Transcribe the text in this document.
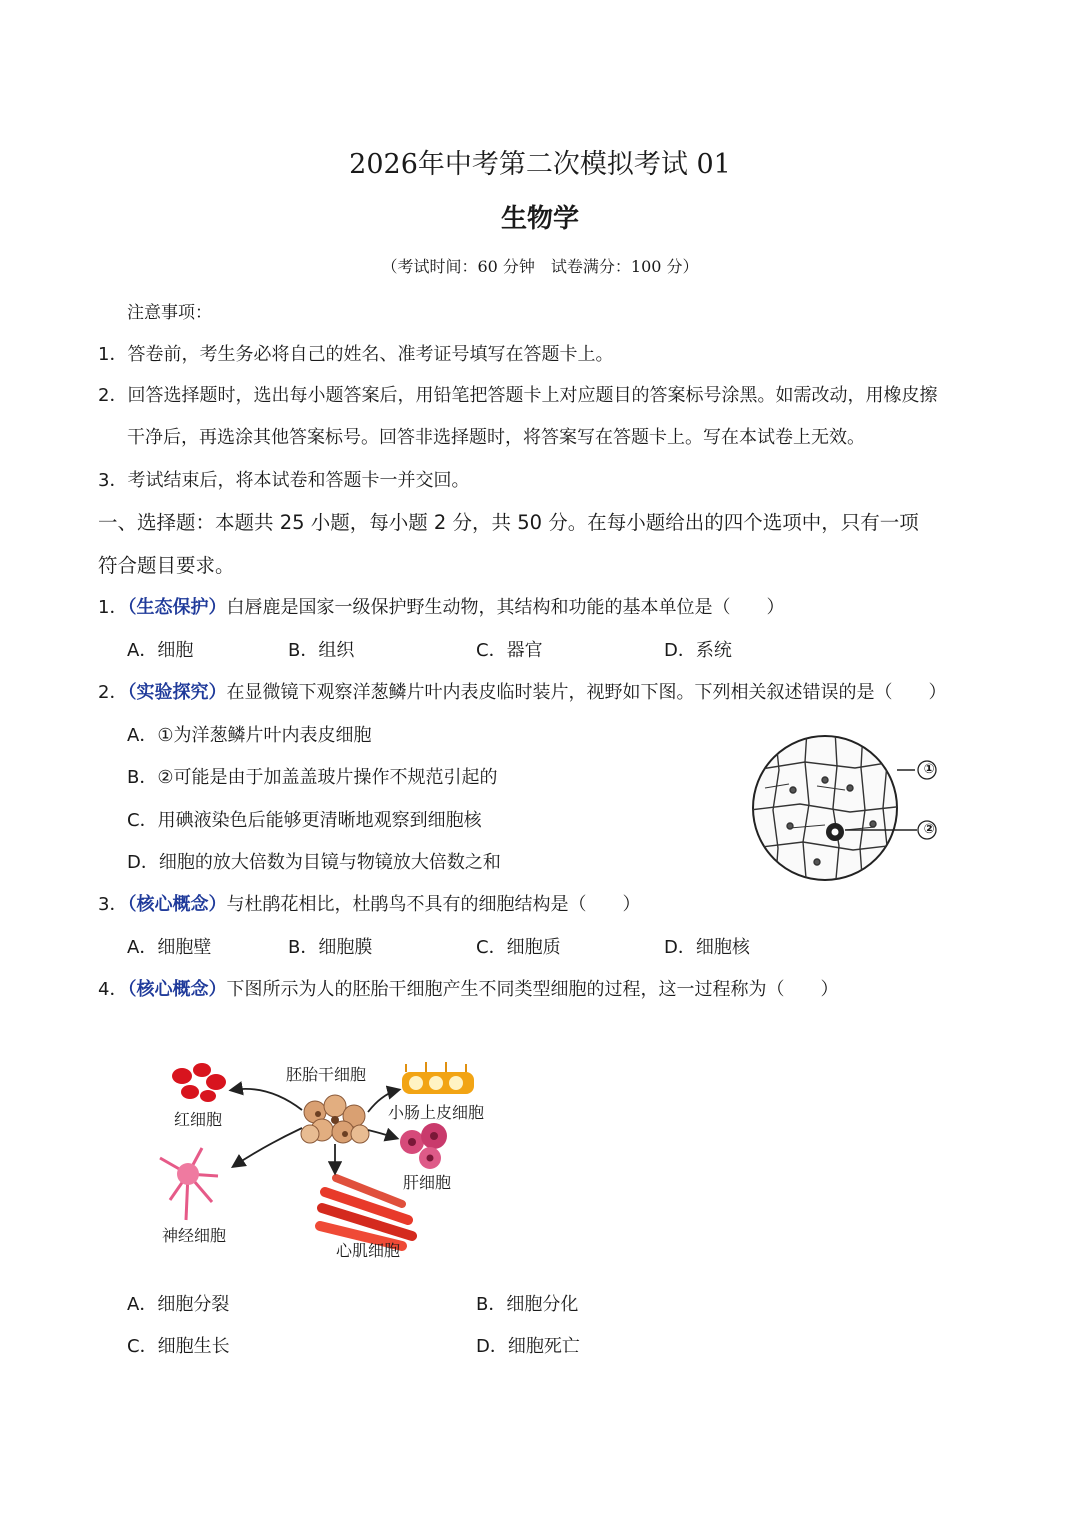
2026年中考第二次模拟考试 01
生物学
（考试时间：60 分钟　试卷满分：100 分）
注意事项：
1．答卷前，考生务必将自己的姓名、准考证号填写在答题卡上。
2．回答选择题时，选出每小题答案后，用铅笔把答题卡上对应题目的答案标号涂黑。如需改动，用橡皮擦
干净后，再选涂其他答案标号。回答非选择题时，将答案写在答题卡上。写在本试卷上无效。
3．考试结束后，将本试卷和答题卡一并交回。
一、选择题：本题共 25 小题，每小题 2 分，共 50 分。在每小题给出的四个选项中，只有一项
符合题目要求。
1．（生态保护）白唇鹿是国家一级保护野生动物，其结构和功能的基本单位是（　　）
A．细胞	B．组织	C．器官	D．系统
2．（实验探究）在显微镜下观察洋葱鳞片叶内表皮临时装片，视野如下图。下列相关叙述错误的是（　　）
A．①为洋葱鳞片叶内表皮细胞
B．②可能是由于加盖盖玻片操作不规范引起的
C．用碘液染色后能够更清晰地观察到细胞核
D．细胞的放大倍数为目镜与物镜放大倍数之和
①
②
3．（核心概念）与杜鹃花相比，杜鹃鸟不具有的细胞结构是（　　）
A．细胞壁	B．细胞膜	C．细胞质	D．细胞核
4．（核心概念）下图所示为人的胚胎干细胞产生不同类型细胞的过程，这一过程称为（　　）
胚胎干细胞
红细胞	小肠上皮细胞
肝细胞
神经细胞
心肌细胞
A．细胞分裂	B．细胞分化
C．细胞生长	D．细胞死亡
